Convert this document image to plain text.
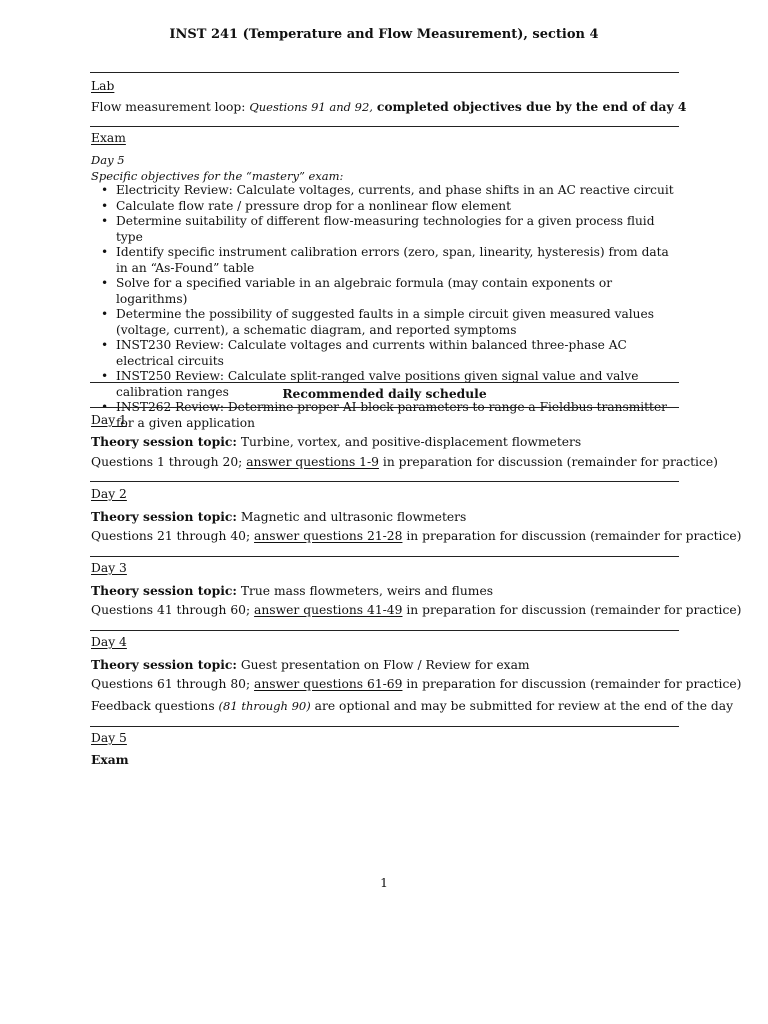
INST 241 (Temperature and Flow Measurement), section 4
Lab
Flow measurement loop: Questions 91 and 92, completed objectives due by the end of day 4
Exam
Day 5
Specific objectives for the “mastery” exam:
• Electricity Review: Calculate voltages, currents, and phase shifts in an AC reactive circuit
• Calculate flow rate / pressure drop for a nonlinear flow element
• Determine suitability of different flow-measuring technologies for a given process fluid type
• Identify specific instrument calibration errors (zero, span, linearity, hysteresis) from data in an “As-Found” table
• Solve for a specified variable in an algebraic formula (may contain exponents or logarithms)
• Determine the possibility of suggested faults in a simple circuit given measured values (voltage, current), a schematic diagram, and reported symptoms
• INST230 Review: Calculate voltages and currents within balanced three-phase AC electrical circuits
• INST250 Review: Calculate split-ranged valve positions given signal value and valve calibration ranges
• INST262 Review: Determine proper AI block parameters to range a Fieldbus transmitter for a given application
Recommended daily schedule
Day 1
Theory session topic: Turbine, vortex, and positive-displacement flowmeters
Questions 1 through 20; answer questions 1-9 in preparation for discussion (remainder for practice)
Day 2
Theory session topic: Magnetic and ultrasonic flowmeters
Questions 21 through 40; answer questions 21-28 in preparation for discussion (remainder for practice)
Day 3
Theory session topic: True mass flowmeters, weirs and flumes
Questions 41 through 60; answer questions 41-49 in preparation for discussion (remainder for practice)
Day 4
Theory session topic: Guest presentation on Flow / Review for exam
Questions 61 through 80; answer questions 61-69 in preparation for discussion (remainder for practice)
Feedback questions (81 through 90) are optional and may be submitted for review at the end of the day
Day 5
Exam
1
